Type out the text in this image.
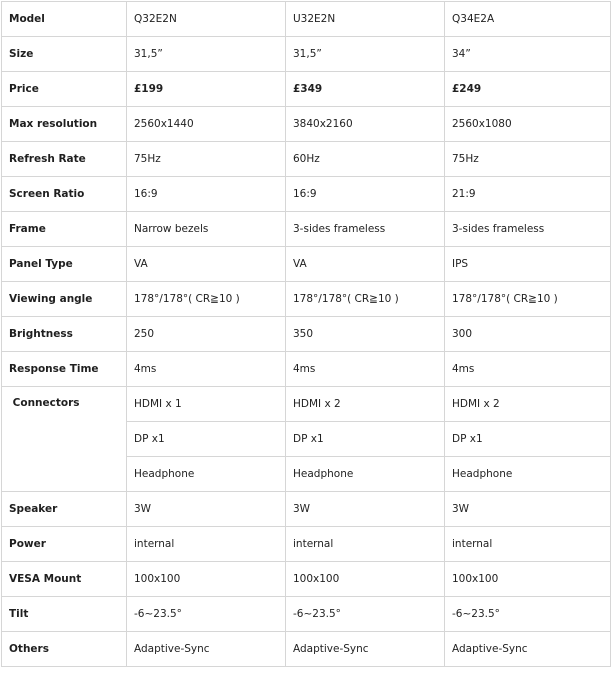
Model	Q32E2N	U32E2N	Q34E2A
Size	31,5”	31,5”	34”
Price	£199	£349	£249
Max resolution	2560x1440	3840x2160	2560x1080
Refresh Rate	75Hz	60Hz	75Hz
Screen Ratio	16:9	16:9	21:9
Frame	Narrow bezels	3-sides frameless	3-sides frameless
Panel Type	VA	VA	IPS
Viewing angle	178°/178°( CR≧10 )	178°/178°( CR≧10 )	178°/178°( CR≧10 )
Brightness	250	350	300
Response Time	4ms	4ms	4ms
Connectors	HDMI x 1	HDMI x 2	HDMI x 2
	DP x1	DP x1	DP x1
	Headphone	Headphone	Headphone
Speaker	3W	3W	3W
Power	internal	internal	internal
VESA Mount	100x100	100x100	100x100
Tilt	-6~23.5°	-6~23.5°	-6~23.5°
Others	Adaptive-Sync	Adaptive-Sync	Adaptive-Sync
